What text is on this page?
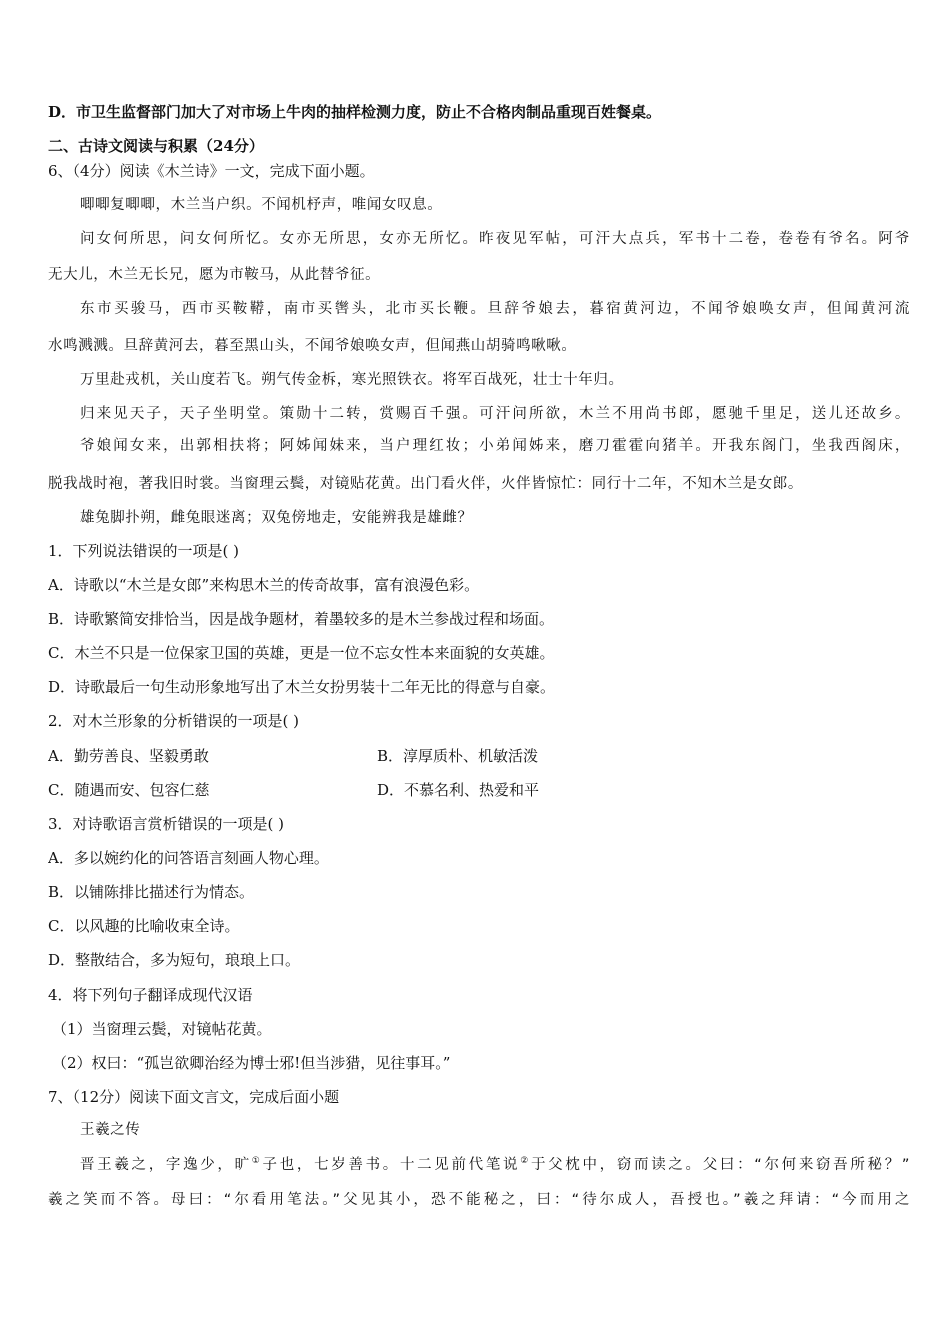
D．市卫生监督部门加大了对市场上牛肉的抽样检测力度，防止不合格肉制品重现百姓餐桌。
二、古诗文阅读与积累（24分）
6、（4分）阅读《木兰诗》一文，完成下面小题。
唧唧复唧唧，木兰当户织。不闻机杼声，唯闻女叹息。
问女何所思，问女何所忆。女亦无所思，女亦无所忆。昨夜见军帖，可汗大点兵，军书十二卷，卷卷有爷名。阿爷
无大儿，木兰无长兄，愿为市鞍马，从此替爷征。
东市买骏马，西市买鞍鞯，南市买辔头，北市买长鞭。旦辞爷娘去，暮宿黄河边，不闻爷娘唤女声，但闻黄河流
水鸣溅溅。旦辞黄河去，暮至黑山头，不闻爷娘唤女声，但闻燕山胡骑鸣啾啾。
万里赴戎机，关山度若飞。朔气传金柝，寒光照铁衣。将军百战死，壮士十年归。
归来见天子，天子坐明堂。策勋十二转，赏赐百千强。可汗问所欲，木兰不用尚书郎，愿驰千里足，送儿还故乡。
爷娘闻女来，出郭相扶将；阿姊闻妹来，当户理红妆；小弟闻姊来，磨刀霍霍向猪羊。开我东阁门，坐我西阁床，
脱我战时袍，著我旧时裳。当窗理云鬓，对镜贴花黄。出门看火伴，火伴皆惊忙：同行十二年，不知木兰是女郎。
雄兔脚扑朔，雌兔眼迷离；双兔傍地走，安能辨我是雄雌？
1．下列说法错误的一项是( )
A．诗歌以“木兰是女郎”来构思木兰的传奇故事，富有浪漫色彩。
B．诗歌繁简安排恰当，因是战争题材，着墨较多的是木兰参战过程和场面。
C．木兰不只是一位保家卫国的英雄，更是一位不忘女性本来面貌的女英雄。
D．诗歌最后一句生动形象地写出了木兰女扮男装十二年无比的得意与自豪。
2．对木兰形象的分析错误的一项是( )
A．勤劳善良、坚毅勇敢	B．淳厚质朴、机敏活泼
C．随遇而安、包容仁慈	D．不慕名利、热爱和平
3．对诗歌语言赏析错误的一项是( )
A．多以婉约化的问答语言刻画人物心理。
B．以铺陈排比描述行为情态。
C．以风趣的比喻收束全诗。
D．整散结合，多为短句，琅琅上口。
4．将下列句子翻译成现代汉语
（1）当窗理云鬓，对镜帖花黄。
（2）权曰：“孤岂欲卿治经为博士邪!但当涉猎，见往事耳。”
7、（12分）阅读下面文言文，完成后面小题
王羲之传
晋王羲之，字逸少，旷①子也，七岁善书。十二见前代笔说②于父枕中，窃而读之。父曰：“尔何来窃吾所秘？”
羲之笑而不答。母曰：“尔看用笔法。”父见其小，恐不能秘之，曰：“待尔成人，吾授也。”羲之拜请：“今而用之
